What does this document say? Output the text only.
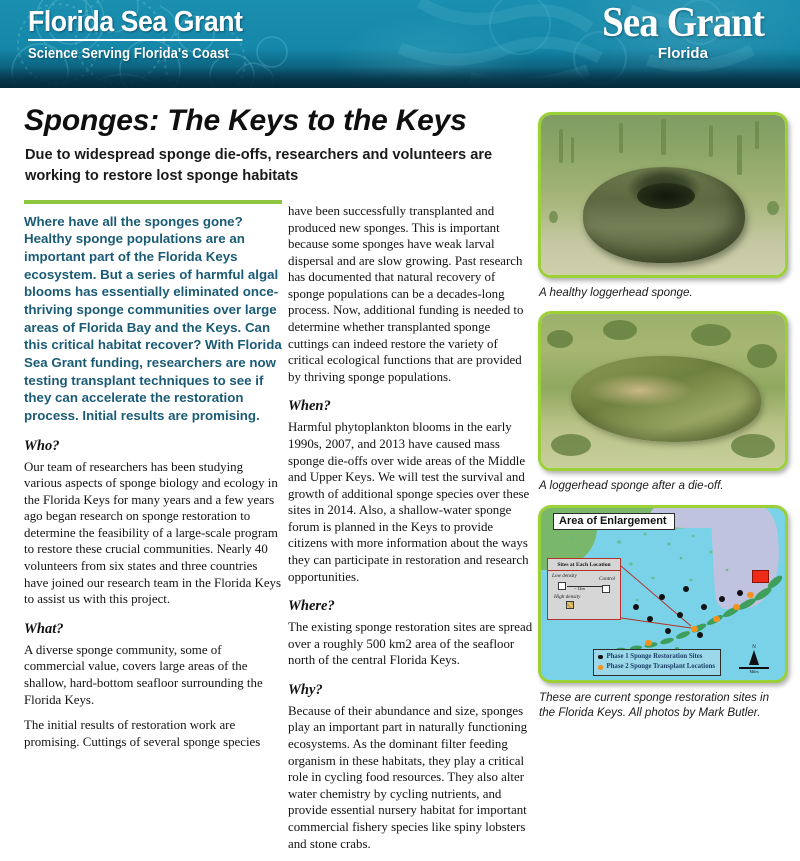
Florida Sea Grant
Science Serving Florida's Coast
Sea Grant
Florida
Sponges: The Keys to the Keys
Due to widespread sponge die-offs, researchers and volunteers are working to restore lost sponge habitats
Where have all the sponges gone? Healthy sponge populations are an important part of the Florida Keys ecosystem. But a series of harmful algal blooms has essentially eliminated once-thriving sponge communities over large areas of Florida Bay and the Keys. Can this critical habitat recover? With Florida Sea Grant funding, researchers are now testing transplant techniques to see if they can accelerate the restoration process. Initial results are promising.
Who?

Our team of researchers has been studying various aspects of sponge biology and ecology in the Florida Keys for many years and a few years ago began research on sponge restoration to determine the feasibility of a large-scale program to restore these crucial communities. Nearly 40 volunteers from six states and three countries have joined our research team in the Florida Keys to assist us with this project.

What?

A diverse sponge community, some of commercial value, covers large areas of the shallow, hard-bottom seafloor surrounding the Florida Keys.

The initial results of restoration work are promising. Cuttings of several sponge species

have been successfully transplanted and produced new sponges. This is important because some sponges have weak larval dispersal and are slow growing. Past research has documented that natural recovery of sponge populations can be a decades-long process. Now, additional funding is needed to determine whether transplanted sponge cuttings can indeed restore the variety of critical ecological functions that are provided by thriving sponge populations.

When?

Harmful phytoplankton blooms in the early 1990s, 2007, and 2013 have caused mass sponge die-offs over wide areas of the Middle and Upper Keys. We will test the survival and growth of additional sponge species over these sites in 2014. Also, a shallow-water sponge forum is planned in the Keys to provide citizens with more information about the ways they can participate in restoration and research opportunities.

Where?

The existing sponge restoration sites are spread over a roughly 500 km2 area of the seafloor north of the central Florida Keys.

Why?

Because of their abundance and size, sponges play an important part in naturally functioning ecosystems. As the dominant filter feeding organism in these habitats, they play a critical role in cycling food resources. They also alter water chemistry by cycling nutrients, and provide essential nursery habitat for important commercial fishery species like spiny lobsters and stone crabs.

A healthy loggerhead sponge.
A loggerhead sponge after a die-off.
Area of Enlargement
Sites at Each Location
Low density	Control
~ 1km
High density
Phase 1 Sponge Restoration Sites
Phase 2 Sponge Transplant Locations
N
Miles
These are current sponge restoration sites in the Florida Keys. All photos by Mark Butler.
